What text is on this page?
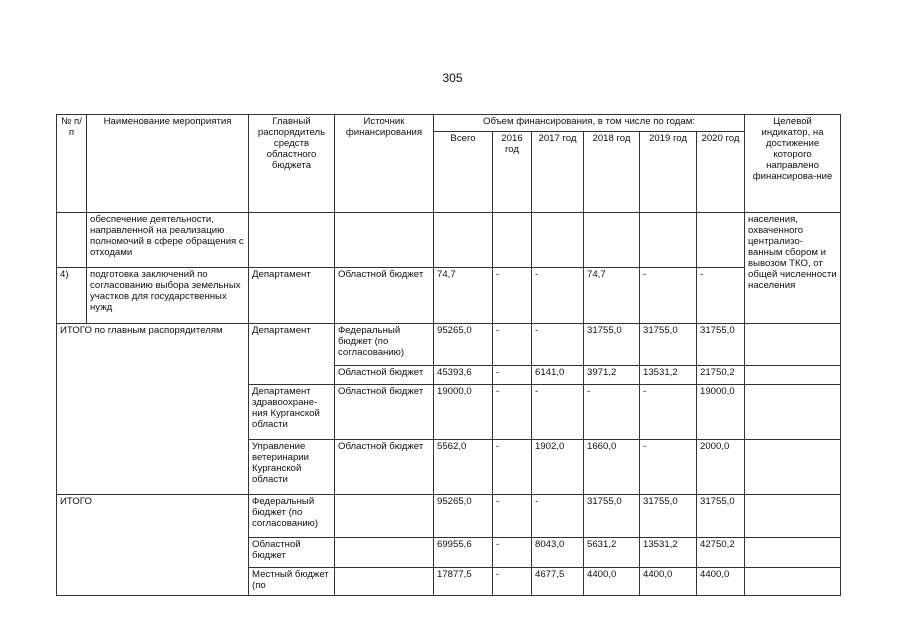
305
№ п/п	Наименование мероприятия	Главный распорядитель средств областного бюджета	Источник финансирования	Объем финансирования, в том числе по годам:						Целевой индикатор, на достижение которого направлено финансирова-ние
				Всего	2016 год	2017 год	2018 год	2019 год	2020 год	
	обеспечение деятельности, направленной на реализацию полномочий в сфере обращения с отходами									населения, охваченного централизо-ванным сбором и вывозом ТКО, от общей численности населения
4)	подготовка заключений по согласованию выбора земельных участков для государственных нужд	Департамент	Областной бюджет	74,7	-	-	74,7	-	-	
ИТОГО по главным распорядителям		Департамент	Федеральный бюджет (по согласованию)	95265,0	-	-	31755,0	31755,0	31755,0	
			Областной бюджет	45393,6	-	6141,0	3971,2	13531,2	21750,2	
		Департамент здравоохране-ния Курганской области	Областной бюджет	19000,0	-	-	-	-	19000,0	
		Управление ветеринарии Курганской области	Областной бюджет	5562,0	-	1902,0	1660,0	-	2000,0	
ИТОГО		Федеральный бюджет (по согласованию)		95265,0	-	-	31755,0	31755,0	31755,0	
		Областной бюджет		69955,6	-	8043,0	5631,2	13531,2	42750,2	
		Местный бюджет (по		17877,5	-	4677,5	4400,0	4400,0	4400,0	
